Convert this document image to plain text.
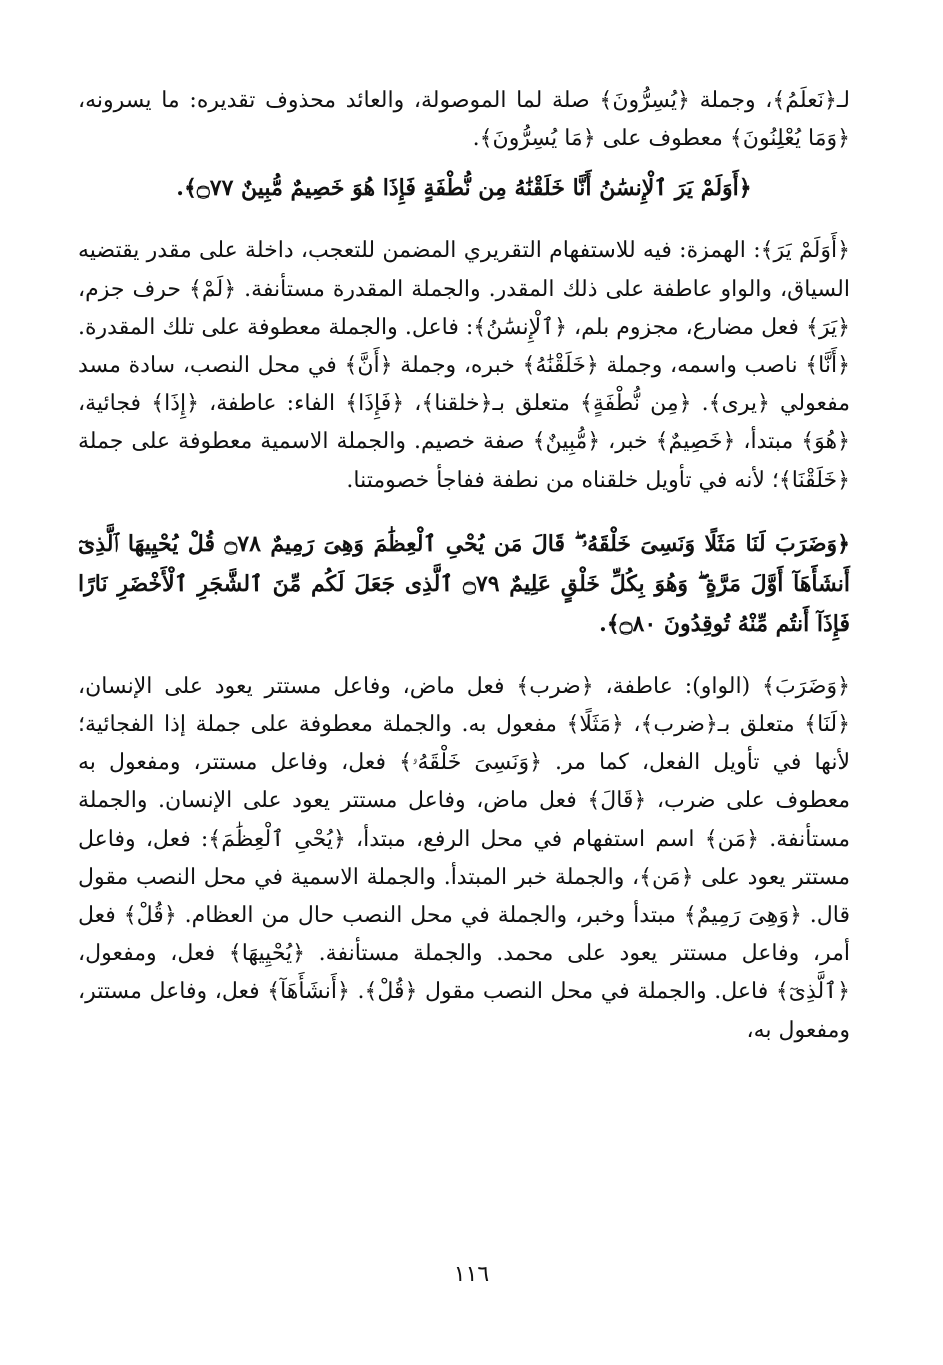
لـ﴿نَعلَمُ﴾، وجملة ﴿يُسِرُّونَ﴾ صلة لما الموصولة، والعائد محذوف تقديره: ما يسرونه، ﴿وَمَا يُعْلِنُونَ﴾ معطوف على ﴿مَا يُسِرُّونَ﴾.

﴿أَوَلَمْ يَرَ ٱلْإِنسَٰنُ أَنَّا خَلَقْنَٰهُ مِن نُّطْفَةٍ فَإِذَا هُوَ خَصِيمٌ مُّبِينٌ ۝٧٧﴾.

﴿أَوَلَمْ يَرَ﴾: الهمزة: فيه للاستفهام التقريري المضمن للتعجب، داخلة على مقدر يقتضيه السياق، والواو عاطفة على ذلك المقدر. والجملة المقدرة مستأنفة. ﴿لَمْ﴾ حرف جزم، ﴿يَرَ﴾ فعل مضارع، مجزوم بلم، ﴿ٱلْإِنسَٰنُ﴾: فاعل. والجملة معطوفة على تلك المقدرة. ﴿أَنَّا﴾ ناصب واسمه، وجملة ﴿خَلَقْنَٰهُ﴾ خبره، وجملة ﴿أَنَّ﴾ في محل النصب، سادة مسد مفعولي ﴿يرى﴾. ﴿مِن نُّطْفَةٍ﴾ متعلق بـ﴿خلقنا﴾، ﴿فَإِذَا﴾ الفاء: عاطفة، ﴿إِذَا﴾ فجائية، ﴿هُوَ﴾ مبتدأ، ﴿خَصِيمٌ﴾ خبر، ﴿مُّبِينٌ﴾ صفة خصيم. والجملة الاسمية معطوفة على جملة ﴿خَلَقْنَا﴾؛ لأنه في تأويل خلقناه من نطفة ففاجأ خصومتنا.

﴿وَضَرَبَ لَنَا مَثَلًا وَنَسِىَ خَلْقَهُۥ ۖ قَالَ مَن يُحْىِ ٱلْعِظَٰمَ وَهِىَ رَمِيمٌ ۝٧٨ قُلْ يُحْيِيهَا ٱلَّذِىٓ أَنشَأَهَآ أَوَّلَ مَرَّةٍ ۖ وَهُوَ بِكُلِّ خَلْقٍ عَلِيمٌ ۝٧٩ ٱلَّذِى جَعَلَ لَكُم مِّنَ ٱلشَّجَرِ ٱلْأَخْضَرِ نَارًا فَإِذَآ أَنتُم مِّنْهُ تُوقِدُونَ ۝٨٠﴾.

﴿وَضَرَبَ﴾ (الواو): عاطفة، ﴿ضرب﴾ فعل ماض، وفاعل مستتر يعود على الإنسان، ﴿لَنَا﴾ متعلق بـ﴿ضرب﴾، ﴿مَثَلًا﴾ مفعول به. والجملة معطوفة على جملة إذا الفجائية؛ لأنها في تأويل الفعل، كما مر. ﴿وَنَسِىَ خَلْقَهُۥ﴾ فعل، وفاعل مستتر، ومفعول به معطوف على ضرب، ﴿قَالَ﴾ فعل ماض، وفاعل مستتر يعود على الإنسان. والجملة مستأنفة. ﴿مَن﴾ اسم استفهام في محل الرفع، مبتدأ، ﴿يُحْىِ ٱلْعِظَٰمَ﴾: فعل، وفاعل مستتر يعود على ﴿مَن﴾، والجملة خبر المبتدأ. والجملة الاسمية في محل النصب مقول قال. ﴿وَهِىَ رَمِيمٌ﴾ مبتدأ وخبر، والجملة في محل النصب حال من العظام. ﴿قُلْ﴾ فعل أمر، وفاعل مستتر يعود على محمد. والجملة مستأنفة. ﴿يُحْيِيهَا﴾ فعل، ومفعول، ﴿ٱلَّذِىٓ﴾ فاعل. والجملة في محل النصب مقول ﴿قُلْ﴾. ﴿أَنشَأَهَآ﴾ فعل، وفاعل مستتر، ومفعول به،

١١٦
